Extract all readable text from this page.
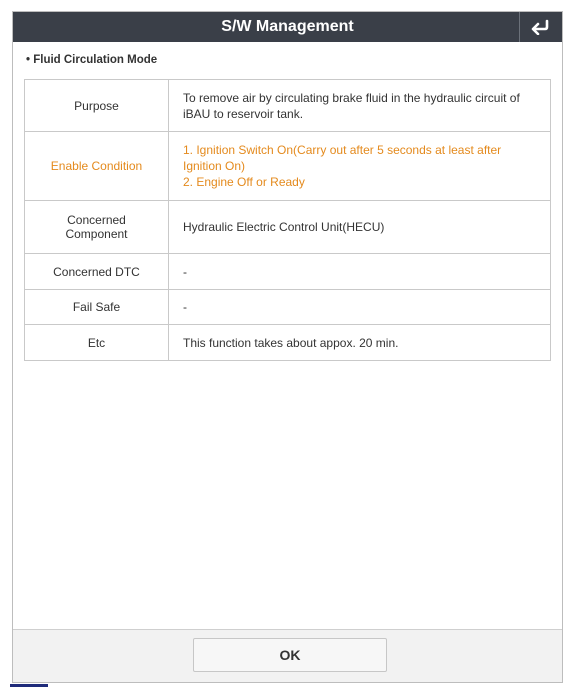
S/W Management
• Fluid Circulation Mode
Purpose	To remove air by circulating brake fluid in the hydraulic circuit of iBAU to reservoir tank.
Enable Condition	1. Ignition Switch On(Carry out after 5 seconds at least after Ignition On)
2. Engine Off or Ready

Concerned
Component	Hydraulic Electric Control Unit(HECU)
Concerned DTC	-
Fail Safe	-
Etc	This function takes about appox. 20 min.
OK
